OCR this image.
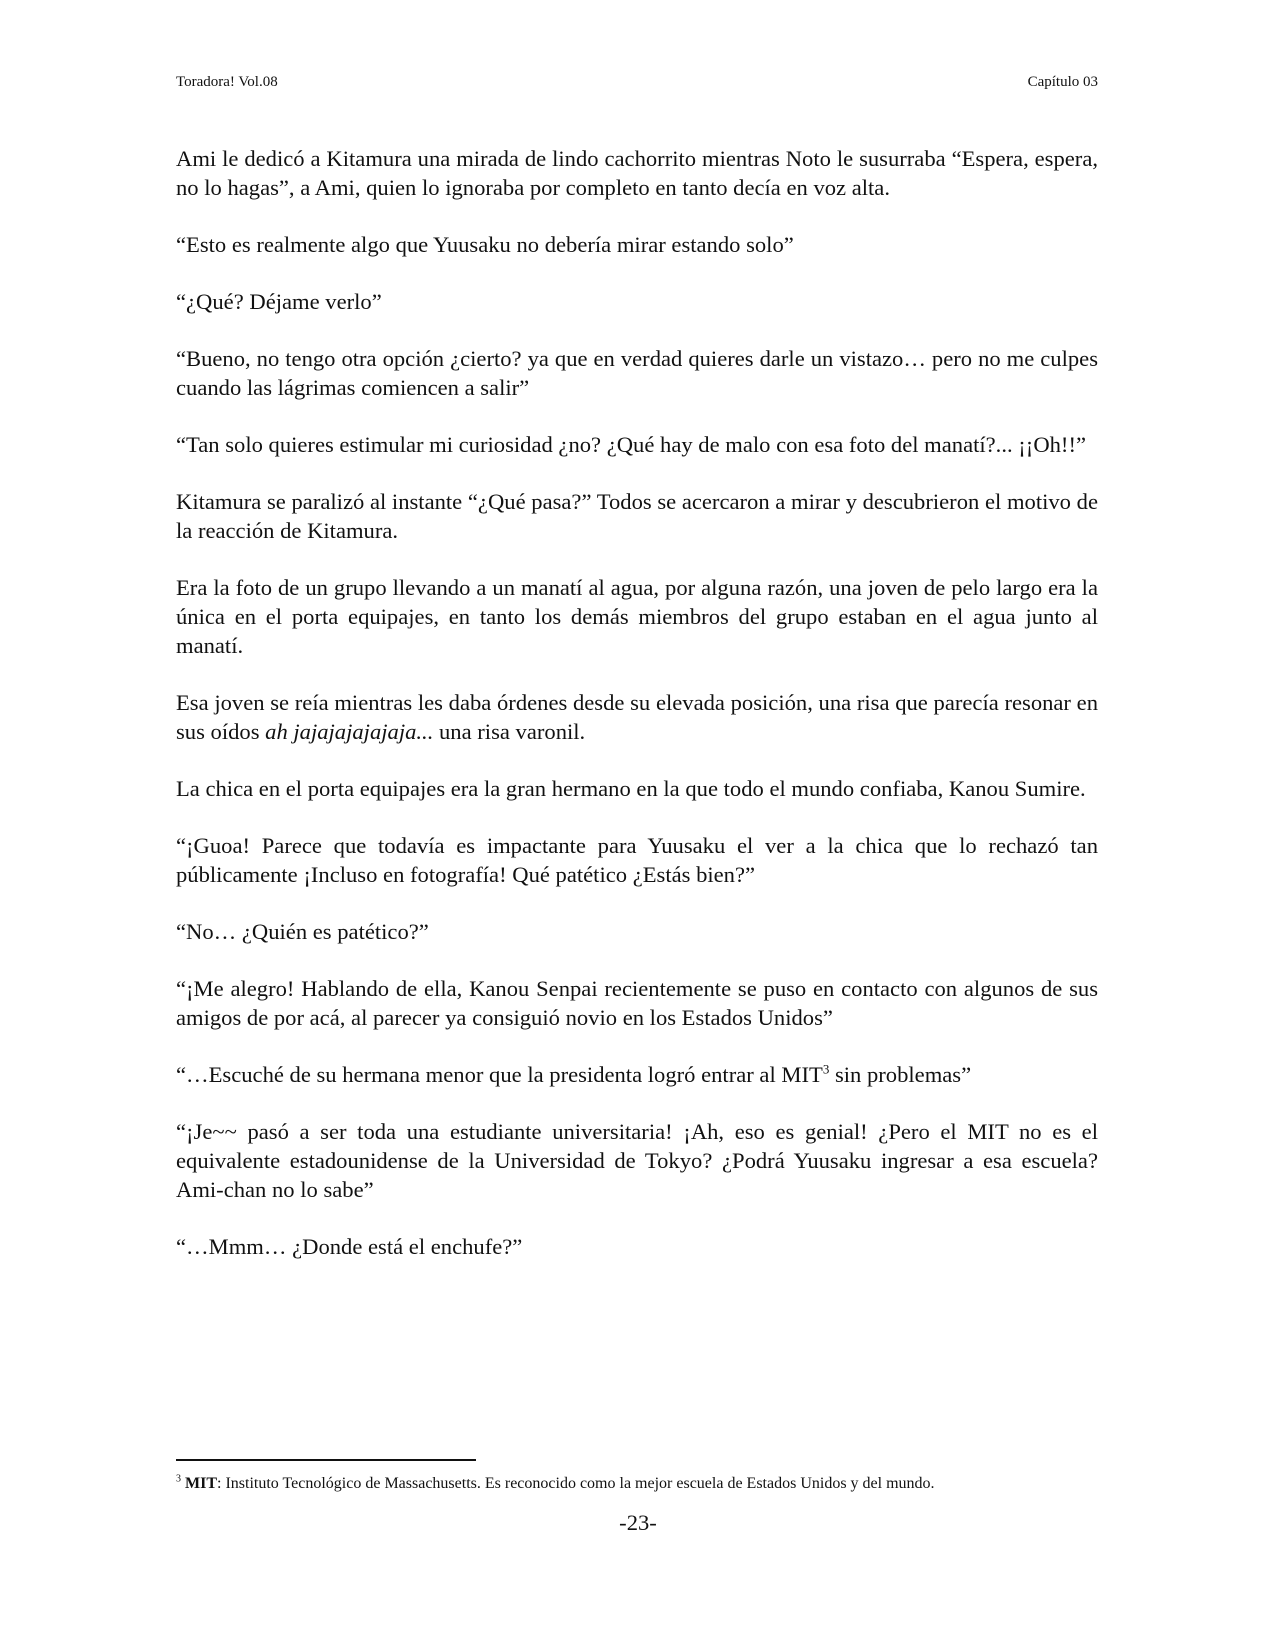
Toradora! Vol.08	Capítulo 03

Ami le dedicó a Kitamura una mirada de lindo cachorrito mientras Noto le susurraba “Espera, espera, no lo hagas”, a Ami, quien lo ignoraba por completo en tanto decía en voz alta.

“Esto es realmente algo que Yuusaku no debería mirar estando solo”

“¿Qué? Déjame verlo”

“Bueno, no tengo otra opción ¿cierto? ya que en verdad quieres darle un vistazo… pero no me culpes cuando las lágrimas comiencen a salir”

“Tan solo quieres estimular mi curiosidad ¿no? ¿Qué hay de malo con esa foto del manatí?... ¡¡Oh!!”

Kitamura se paralizó al instante “¿Qué pasa?” Todos se acercaron a mirar y descubrieron el motivo de la reacción de Kitamura.

Era la foto de un grupo llevando a un manatí al agua, por alguna razón, una joven de pelo largo era la única en el porta equipajes, en tanto los demás miembros del grupo estaban en el agua junto al manatí.

Esa joven se reía mientras les daba órdenes desde su elevada posición, una risa que parecía resonar en sus oídos ah jajajajajajaja... una risa varonil.

La chica en el porta equipajes era la gran hermano en la que todo el mundo confiaba, Kanou Sumire.

“¡Guoa! Parece que todavía es impactante para Yuusaku el ver a la chica que lo rechazó tan públicamente ¡Incluso en fotografía! Qué patético ¿Estás bien?”

“No… ¿Quién es patético?”

“¡Me alegro! Hablando de ella, Kanou Senpai recientemente se puso en contacto con algunos de sus amigos de por acá, al parecer ya consiguió novio en los Estados Unidos”

“…Escuché de su hermana menor que la presidenta logró entrar al MIT$^3$ sin problemas”

“¡Je~~ pasó a ser toda una estudiante universitaria! ¡Ah, eso es genial! ¿Pero el MIT no es el equivalente estadounidense de la Universidad de Tokyo? ¿Podrá Yuusaku ingresar a esa escuela? Ami-chan no lo sabe”

“…Mmm… ¿Donde está el enchufe?”

$^3$ MIT: Instituto Tecnológico de Massachusetts. Es reconocido como la mejor escuela de Estados Unidos y del mundo.
-23-
